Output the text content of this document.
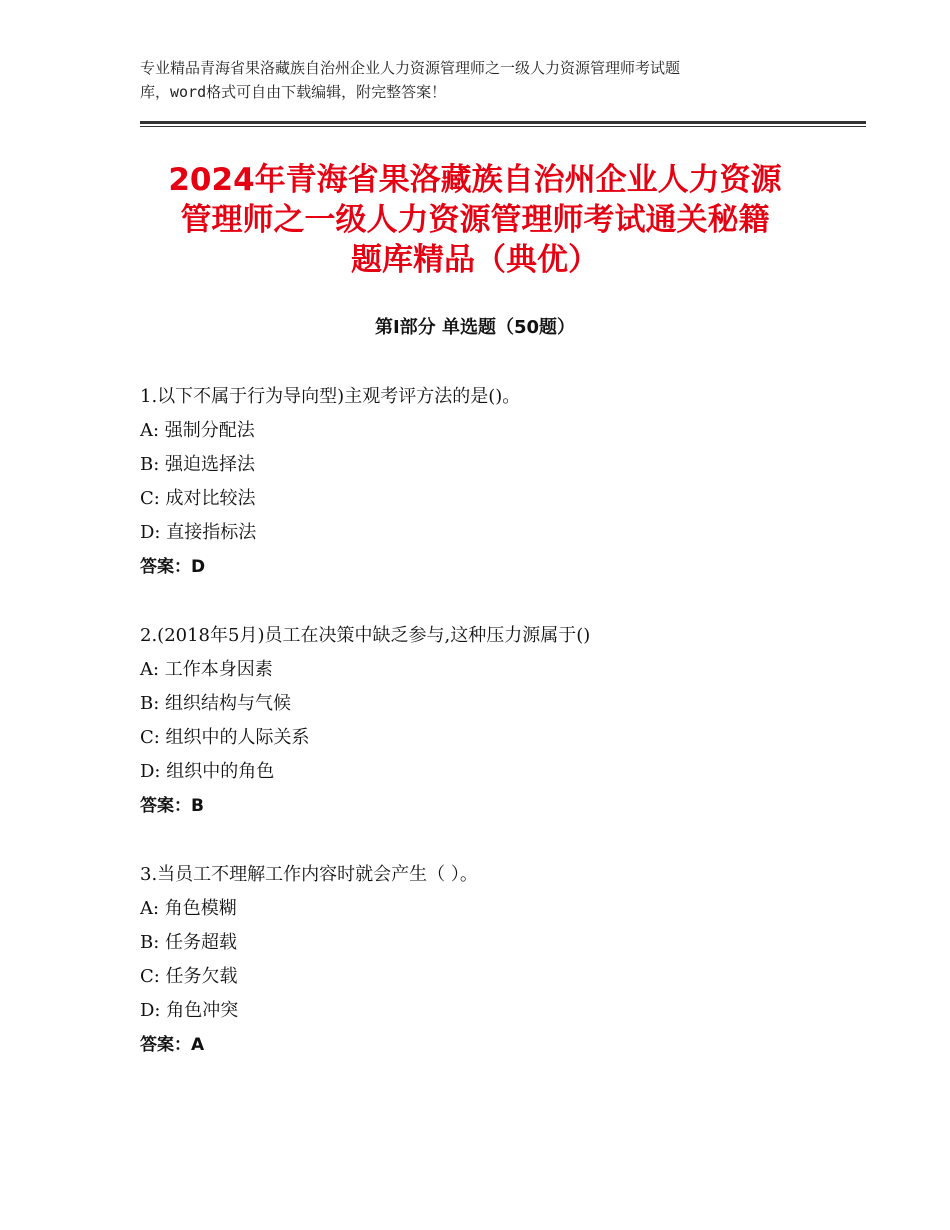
专业精品青海省果洛藏族自治州企业人力资源管理师之一级人力资源管理师考试题
库，word格式可自由下载编辑，附完整答案！
2024年青海省果洛藏族自治州企业人力资源
管理师之一级人力资源管理师考试通关秘籍
题库精品（典优）
第Ⅰ部分 单选题（50题）
1.以下不属于行为导向型)主观考评方法的是()。
A: 强制分配法
B: 强迫选择法
C: 成对比较法
D: 直接指标法
答案：D
2.(2018年5月)员工在决策中缺乏参与,这种压力源属于()
A: 工作本身因素
B: 组织结构与气候
C: 组织中的人际关系
D: 组织中的角色
答案：B
3.当员工不理解工作内容时就会产生（ ）。
A: 角色模糊
B: 任务超载
C: 任务欠载
D: 角色冲突
答案：A
